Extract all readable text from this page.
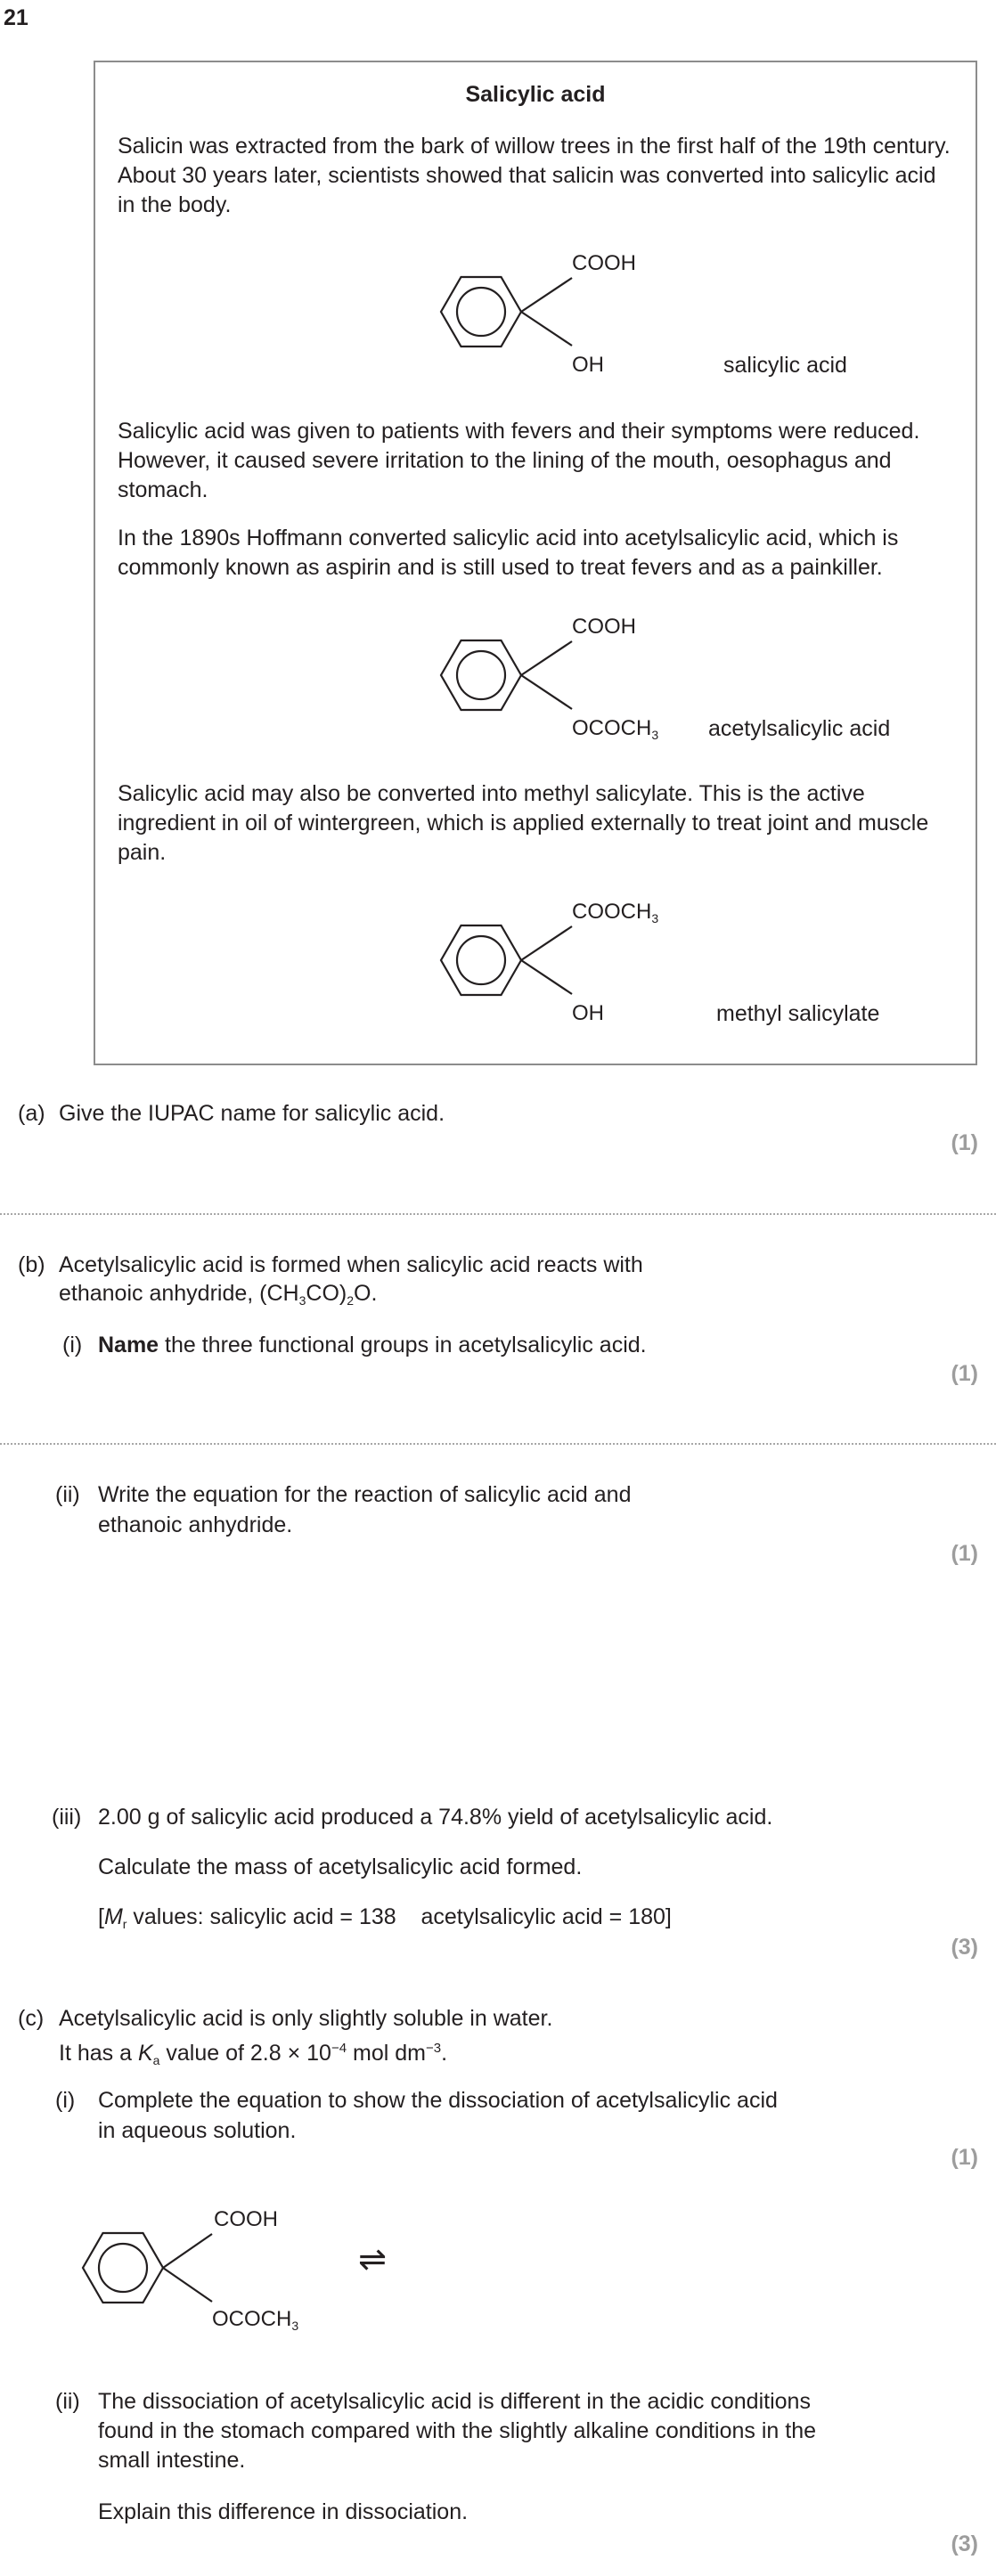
21
Salicylic acid
Salicin was extracted from the bark of willow trees in the first half of the 19th century. About 30 years later, scientists showed that salicin was converted into salicylic acid in the body.
COOH
OH	salicylic acid
Salicylic acid was given to patients with fevers and their symptoms were reduced. However, it caused severe irritation to the lining of the mouth, oesophagus and stomach.
In the 1890s Hoffmann converted salicylic acid into acetylsalicylic acid, which is commonly known as aspirin and is still used to treat fevers and as a painkiller.
COOH
$OCOCH_3$ acetylsalicylic acid
Salicylic acid may also be converted into methyl salicylate. This is the active ingredient in oil of wintergreen, which is applied externally to treat joint and muscle pain.
$COOCH_3$
OH	methyl salicylate
(a) Give the IUPAC name for salicylic acid.
(1)
(b) Acetylsalicylic acid is formed when salicylic acid reacts with
ethanoic anhydride, $(CH_3CO)_2O$.
(i) Name the three functional groups in acetylsalicylic acid.
(1)
(ii) Write the equation for the reaction of salicylic acid and
ethanoic anhydride.
(1)
(iii) 2.00 g of salicylic acid produced a 74.8% yield of acetylsalicylic acid.
Calculate the mass of acetylsalicylic acid formed.
[$M_r$ values: salicylic acid = 138    acetylsalicylic acid = 180]
(3)
(c) Acetylsalicylic acid is only slightly soluble in water.
It has a $K_a$ value of $2.8 \times 10^{-4}$ mol $dm^{-3}$.
(i) Complete the equation to show the dissociation of acetylsalicylic acid
in aqueous solution.
(1)
COOH
$OCOCH_3$
⇌
(ii) The dissociation of acetylsalicylic acid is different in the acidic conditions
found in the stomach compared with the slightly alkaline conditions in the
small intestine.
Explain this difference in dissociation.
(3)
